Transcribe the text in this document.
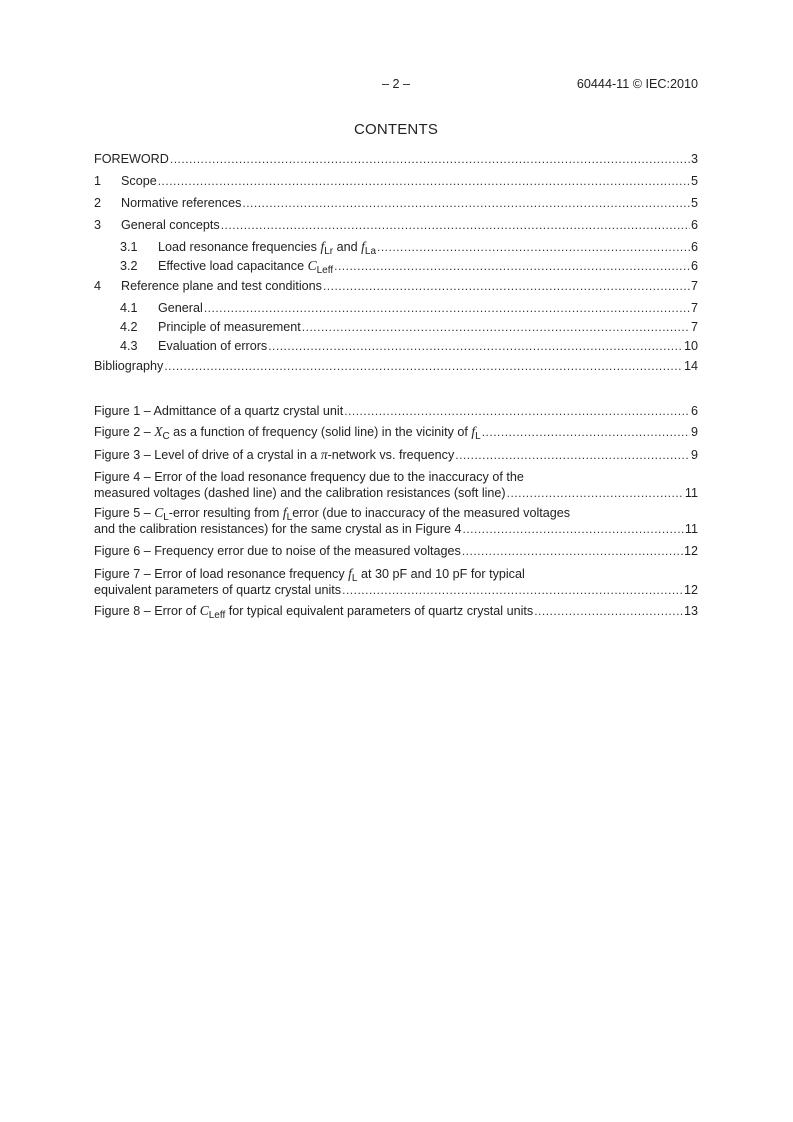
– 2 –	60444-11 © IEC:2010
CONTENTS
FOREWORD .....	3
1	Scope .....	5
2	Normative references .....	5
3	General concepts .....	6
3.1	Load resonance frequencies $f_{Lr}$ and $f_{La}$ .....	6
3.2	Effective load capacitance $C_{Leff}$ .....	6
4	Reference plane and test conditions .....	7
4.1	General .....	7
4.2	Principle of measurement .....	7
4.3	Evaluation of errors .....	10
Bibliography .....	14
Figure 1 – Admittance of a quartz crystal unit .....	6
Figure $2 - X_C$ as a function of frequency (solid line) in the vicinity of $f_L$ .....	9
Figure 3 – Level of drive of a crystal in a π-network vs. frequency .....	9
Figure 4 – Error of the load resonance frequency due to the inaccuracy of the
measured voltages (dashed line) and the calibration resistances (soft line) .....	11
Figure $5 - C_L$-error resulting from $f_Lerror$ (due to inaccuracy of the measured voltages
and the calibration resistances) for the same crystal as in Figure 4 .....	11
Figure 6 – Frequency error due to noise of the measured voltages .....	12
Figure 7 – Error of load resonance frequency $f_L$ at 30 pF and 10 pF for typical
equivalent parameters of quartz crystal units .....	12
Figure 8 – Error of $C_{Leff}$ for typical equivalent parameters of quartz crystal units .....	13
